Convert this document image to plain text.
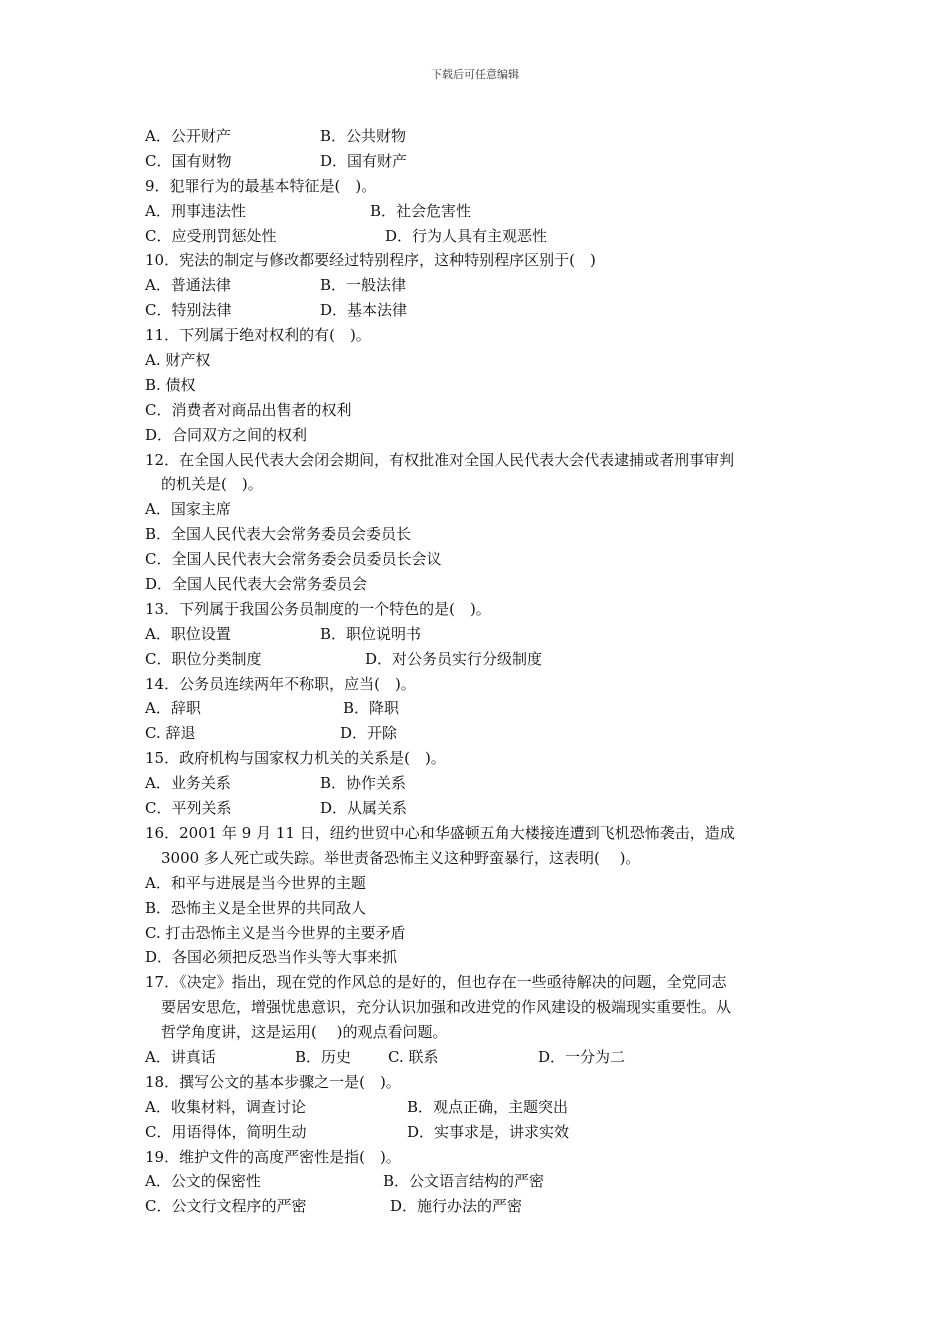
下载后可任意编辑
A．公开财产	B．公共财物
C．国有财物	D．国有财产
9．犯罪行为的最基本特征是(　)。
A．刑事违法性	B．社会危害性
C．应受刑罚惩处性	D．行为人具有主观恶性
10．宪法的制定与修改都要经过特别程序，这种特别程序区别于(　)
A．普通法律	B．一般法律
C．特别法律	D．基本法律
11．下列属于绝对权利的有(　)。
A. 财产权
B. 债权
C．消费者对商品出售者的权利
D．合同双方之间的权利
12．在全国人民代表大会闭会期间，有权批准对全国人民代表大会代表逮捕或者刑事审判
的机关是(　)。
A．国家主席
B．全国人民代表大会常务委员会委员长
C．全国人民代表大会常务委会员委员长会议
D．全国人民代表大会常务委员会
13．下列属于我国公务员制度的一个特色的是(　)。
A．职位设置	B．职位说明书
C．职位分类制度	D．对公务员实行分级制度
14．公务员连续两年不称职，应当(　)。
A．辞职	B．降职
C. 辞退	D．开除
15．政府机构与国家权力机关的关系是(　)。
A．业务关系	B．协作关系
C．平列关系	D．从属关系
16．2001 年 9 月 11 日，纽约世贸中心和华盛顿五角大楼接连遭到飞机恐怖袭击，造成
3000 多人死亡或失踪。举世责备恐怖主义这种野蛮暴行，这表明(　 )。
A．和平与进展是当今世界的主题
B．恐怖主义是全世界的共同敌人
C. 打击恐怖主义是当今世界的主要矛盾
D．各国必须把反恐当作头等大事来抓
17．《决定》指出，现在党的作风总的是好的，但也存在一些亟待解决的问题，全党同志
要居安思危，增强忧患意识，充分认识加强和改进党的作风建设的极端现实重要性。从
哲学角度讲，这是运用(　 )的观点看问题。
A．讲真话	B．历史 C. 联系	D．一分为二
18．撰写公文的基本步骤之一是(　)。
A．收集材料，调查讨论	B．观点正确，主题突出
C．用语得体，简明生动	D．实事求是，讲求实效
19．维护文件的高度严密性是指(　)。
A．公文的保密性	B．公文语言结构的严密
C．公文行文程序的严密	D．施行办法的严密
